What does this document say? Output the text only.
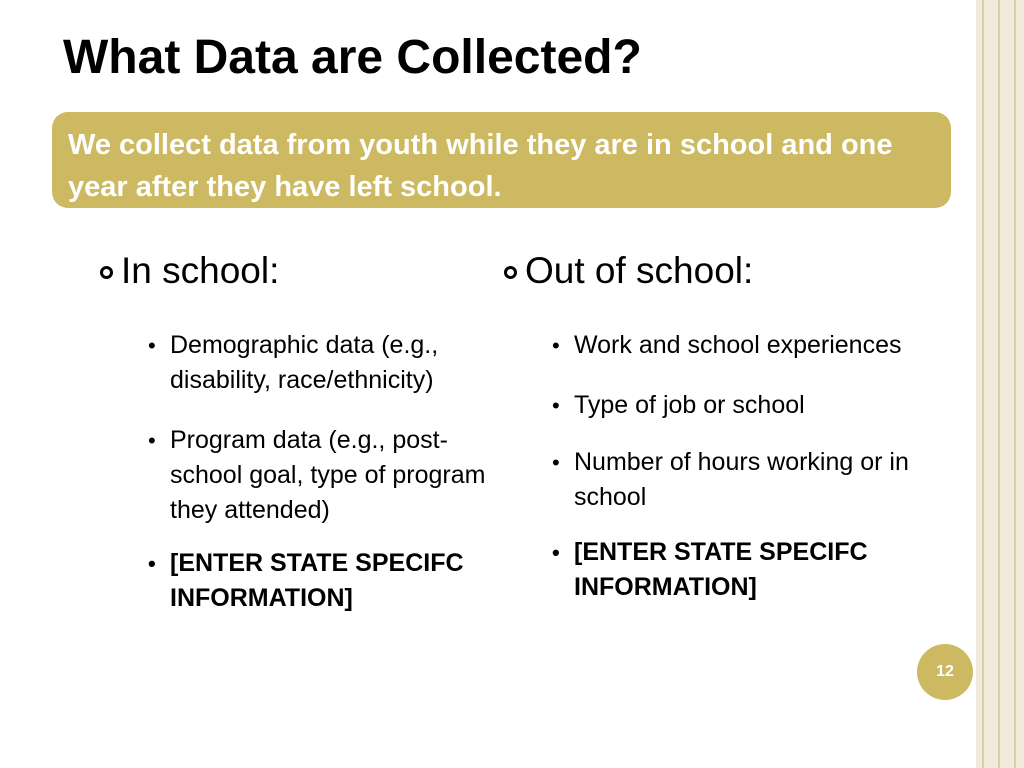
What Data are Collected?
We collect data from youth while they are in school and one year after they have left school.
In school:
• Demographic data (e.g., disability, race/ethnicity)
• Program data (e.g., post-school goal, type of program they attended)
• [ENTER STATE SPECIFC INFORMATION]
Out of school:
• Work and school experiences
• Type of job or school
• Number of hours working or in school
• [ENTER STATE SPECIFC INFORMATION]
12
